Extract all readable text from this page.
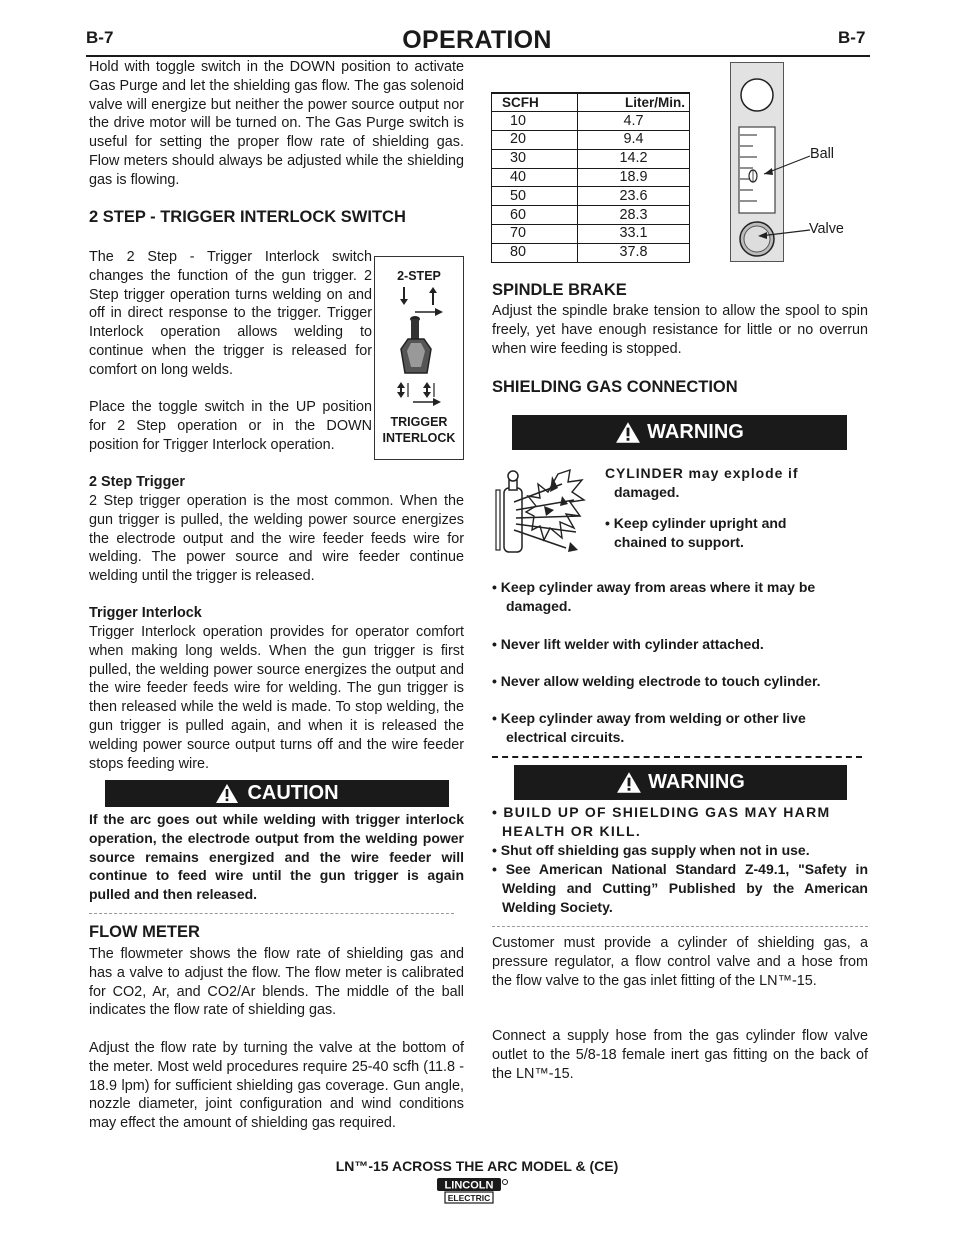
B-7	OPERATION	B-7
Hold with toggle switch in the DOWN position to activate Gas Purge and let the shielding gas flow. The gas solenoid valve will energize but neither the power source output nor the drive motor will be turned on. The Gas Purge switch is useful for setting the proper flow rate of shielding gas. Flow meters should always be adjusted while the shielding gas is flowing.
2 STEP - TRIGGER INTERLOCK SWITCH
The 2 Step - Trigger Interlock switch changes the function of the gun trigger. 2 Step trigger operation turns welding on and off in direct response to the trigger. Trigger Interlock operation allows welding to continue when the trigger is released for comfort on long welds.
Place the toggle switch in the UP position for 2 Step operation or in the DOWN position for Trigger Interlock operation.
2-STEP
TRIGGER
INTERLOCK
2 Step Trigger
2 Step trigger operation is the most common. When the gun trigger is pulled, the welding power source energizes the electrode output and the wire feeder feeds wire for welding. The power source and wire feeder continue welding until the trigger is released.
Trigger Interlock
Trigger Interlock operation provides for operator comfort when making long welds. When the gun trigger is first pulled, the welding power source energizes the output and the wire feeder feeds wire for welding. The gun trigger is then released while the weld is made. To stop welding, the gun trigger is pulled again, and when it is released the welding power source output turns off and the wire feeder stops feeding wire.
CAUTION
If the arc goes out while welding with trigger interlock operation, the electrode output from the welding power source remains energized and the wire feeder will continue to feed wire until the gun trigger is again pulled and then released.
FLOW METER
The flowmeter shows the flow rate of shielding gas and has a valve to adjust the flow. The flow meter is calibrated for CO2, Ar, and CO2/Ar blends. The middle of the ball indicates the flow rate of shielding gas.
Adjust the flow rate by turning the valve at the bottom of the meter. Most weld procedures require 25-40 scfh (11.8 - 18.9 lpm) for sufficient shielding gas coverage. Gun angle, nozzle diameter, joint configuration and wind conditions may effect the amount of shielding gas required.
SCFH	Liter/Min.
10	4.7
20	9.4
30	14.2
40	18.9
50	23.6
60	28.3
70	33.1
80	37.8
Ball
Valve
SPINDLE BRAKE
Adjust the spindle brake tension to allow the spool to spin freely, yet have enough resistance for little or no overrun when wire feeding is stopped.
SHIELDING GAS CONNECTION
WARNING
CYLINDER may explode if
damaged.
• Keep cylinder upright and
chained to support.
• Keep cylinder away from areas where it may be damaged.
• Never lift welder with cylinder attached.
• Never allow welding electrode to touch cylinder.
• Keep cylinder away from welding or other live electrical circuits.
WARNING
• BUILD UP OF SHIELDING GAS MAY HARM HEALTH OR KILL.
• Shut off shielding gas supply when not in use.
• See American National Standard Z-49.1, "Safety in Welding and Cutting” Published by the American Welding Society.
Customer must provide a cylinder of shielding gas, a pressure regulator, a flow control valve and a hose from the flow valve to the gas inlet fitting of the LN™-15.
Connect a supply hose from the gas cylinder flow valve outlet to the 5/8-18 female inert gas fitting on the back of the LN™-15.
LN™-15 ACROSS THE ARC MODEL & (CE)
LINCOLN
ELECTRIC
